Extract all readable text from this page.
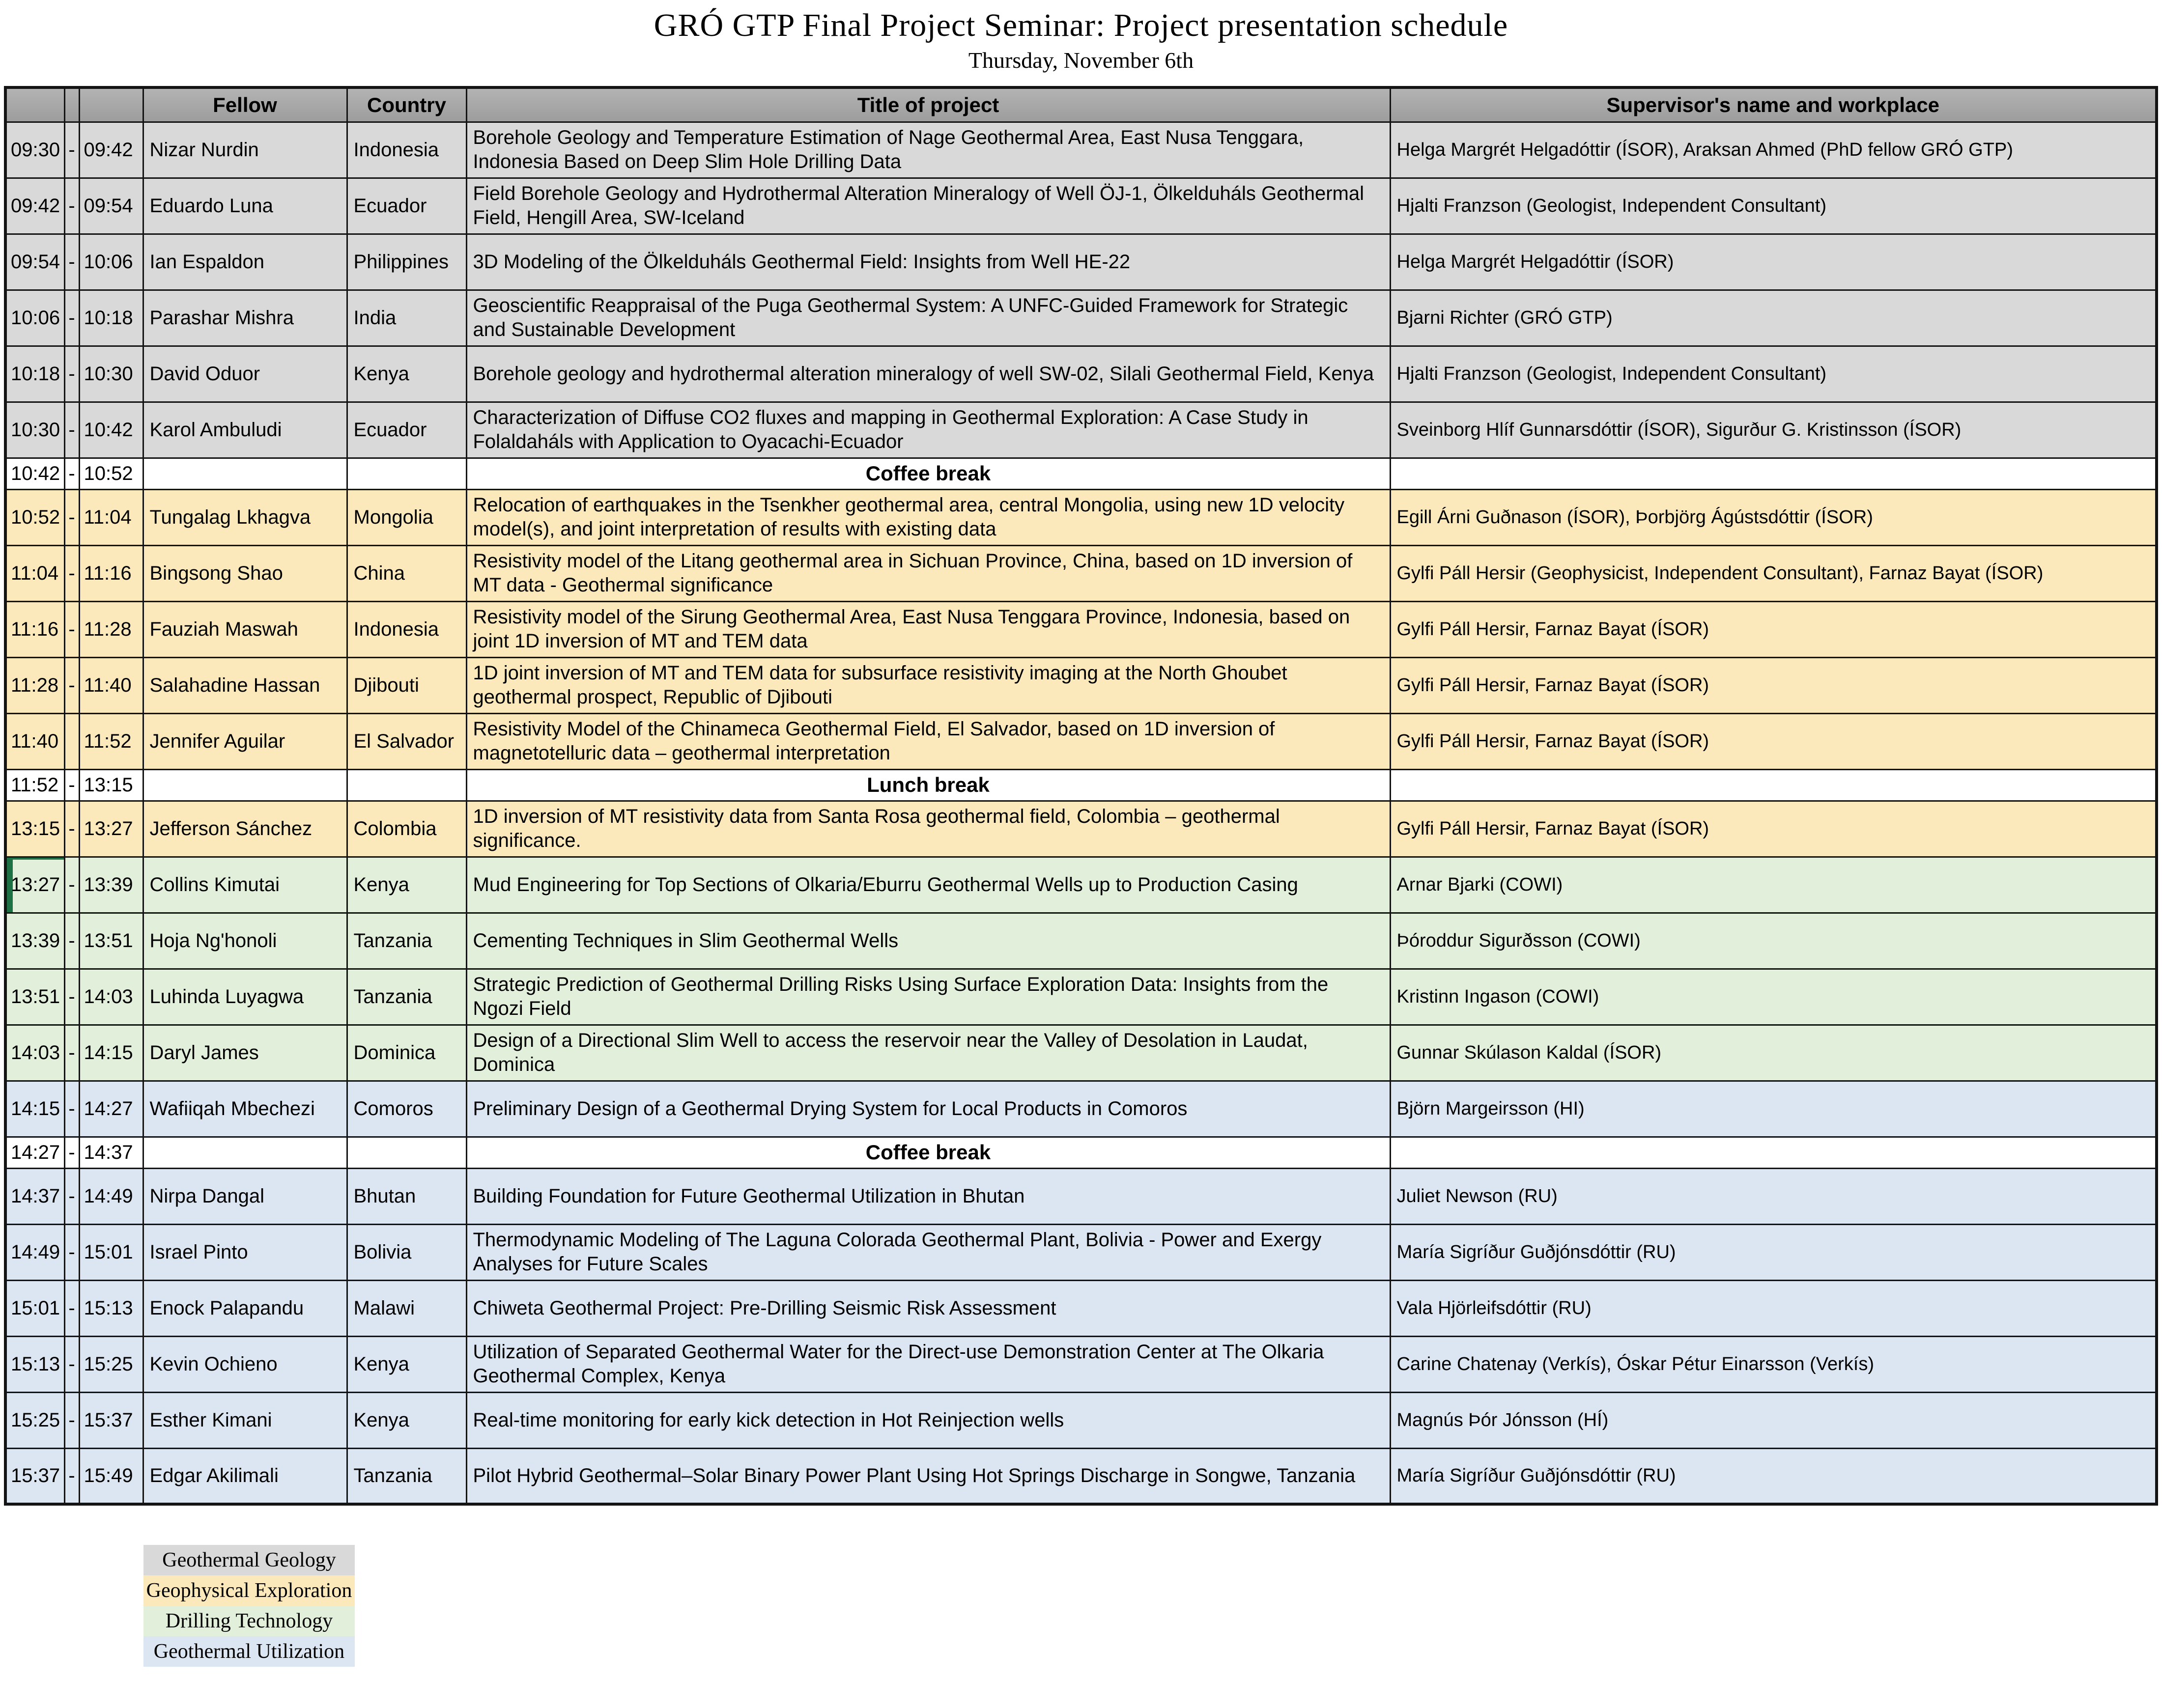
GRÓ GTP Final Project Seminar: Project presentation schedule
Thursday, November 6th
			Fellow	Country	Title of project	Supervisor's name and workplace
09:30	-	09:42	Nizar Nurdin	Indonesia	Borehole Geology and Temperature Estimation of Nage Geothermal Area, East Nusa Tenggara, Indonesia Based on Deep Slim Hole Drilling Data	Helga Margrét Helgadóttir (ÍSOR), Araksan Ahmed (PhD fellow GRÓ GTP)
09:42	-	09:54	Eduardo Luna	Ecuador	Field Borehole Geology and Hydrothermal Alteration Mineralogy of Well ÖJ-1, Ölkelduháls Geothermal Field, Hengill Area, SW-Iceland	Hjalti Franzson (Geologist, Independent Consultant)
09:54	-	10:06	Ian Espaldon	Philippines	3D Modeling of the Ölkelduháls Geothermal Field: Insights from Well HE-22	Helga Margrét Helgadóttir (ÍSOR)
10:06	-	10:18	Parashar Mishra	India	Geoscientific Reappraisal of the Puga Geothermal System: A UNFC-Guided Framework for Strategic and Sustainable Development	Bjarni Richter (GRÓ GTP)
10:18	-	10:30	David Oduor	Kenya	Borehole geology and hydrothermal alteration mineralogy of well SW-02, Silali Geothermal Field, Kenya	Hjalti Franzson (Geologist, Independent Consultant)
10:30	-	10:42	Karol Ambuludi	Ecuador	Characterization of Diffuse CO2 fluxes and mapping in Geothermal Exploration: A Case Study in Folaldaháls with Application to Oyacachi-Ecuador	Sveinborg Hlíf Gunnarsdóttir (ÍSOR), Sigurður G. Kristinsson (ÍSOR)
10:42	-	10:52			Coffee break	
10:52	-	11:04	Tungalag Lkhagva	Mongolia	Relocation of earthquakes in the Tsenkher geothermal area, central Mongolia, using new 1D velocity model(s), and joint interpretation of results with existing data	Egill Árni Guðnason (ÍSOR), Þorbjörg Ágústsdóttir (ÍSOR)
11:04	-	11:16	Bingsong Shao	China	Resistivity model of the Litang geothermal area in Sichuan Province, China, based on 1D inversion of MT data - Geothermal significance	Gylfi Páll Hersir (Geophysicist, Independent Consultant), Farnaz Bayat (ÍSOR)
11:16	-	11:28	Fauziah Maswah	Indonesia	Resistivity model of the Sirung Geothermal Area, East Nusa Tenggara Province, Indonesia, based on joint 1D inversion of MT and TEM data	Gylfi Páll Hersir, Farnaz Bayat (ÍSOR)
11:28	-	11:40	Salahadine Hassan	Djibouti	1D joint inversion of MT and TEM data for subsurface resistivity imaging at the North Ghoubet geothermal prospect, Republic of Djibouti	Gylfi Páll Hersir, Farnaz Bayat (ÍSOR)
11:40		11:52	Jennifer Aguilar	El Salvador	Resistivity Model of the Chinameca Geothermal Field, El Salvador, based on 1D inversion of magnetotelluric data – geothermal interpretation	Gylfi Páll Hersir, Farnaz Bayat (ÍSOR)
11:52	-	13:15			Lunch break	
13:15	-	13:27	Jefferson Sánchez	Colombia	1D inversion of MT resistivity data from Santa Rosa geothermal field, Colombia – geothermal significance.	Gylfi Páll Hersir, Farnaz Bayat (ÍSOR)
13:27	-	13:39	Collins Kimutai	Kenya	Mud Engineering for Top Sections of Olkaria/Eburru Geothermal Wells up to Production Casing	Arnar Bjarki (COWI)
13:39	-	13:51	Hoja Ng'honoli	Tanzania	Cementing Techniques in Slim Geothermal Wells	Þóroddur Sigurðsson (COWI)
13:51	-	14:03	Luhinda Luyagwa	Tanzania	Strategic Prediction of Geothermal Drilling Risks Using Surface Exploration Data: Insights from the Ngozi Field	Kristinn Ingason (COWI)
14:03	-	14:15	Daryl James	Dominica	Design of a Directional Slim Well to access the reservoir near the Valley of Desolation in Laudat, Dominica	Gunnar Skúlason Kaldal (ÍSOR)
14:15	-	14:27	Wafiiqah Mbechezi	Comoros	Preliminary Design of a Geothermal Drying System for Local Products in Comoros	Björn Margeirsson (HI)
14:27	-	14:37			Coffee break	
14:37	-	14:49	Nirpa Dangal	Bhutan	Building Foundation for Future Geothermal Utilization in Bhutan	Juliet Newson (RU)
14:49	-	15:01	Israel Pinto	Bolivia	Thermodynamic Modeling of The Laguna Colorada Geothermal Plant, Bolivia - Power and Exergy Analyses for Future Scales	María Sigríður Guðjónsdóttir (RU)
15:01	-	15:13	Enock Palapandu	Malawi	Chiweta Geothermal Project: Pre-Drilling Seismic Risk Assessment	Vala Hjörleifsdóttir (RU)
15:13	-	15:25	Kevin Ochieno	Kenya	Utilization of Separated Geothermal Water for the Direct-use Demonstration Center at The Olkaria Geothermal Complex, Kenya	Carine Chatenay (Verkís), Óskar Pétur Einarsson (Verkís)
15:25	-	15:37	Esther Kimani	Kenya	Real-time monitoring for early kick detection in Hot Reinjection wells	Magnús Þór Jónsson (HÍ)
15:37	-	15:49	Edgar Akilimali	Tanzania	Pilot Hybrid Geothermal–Solar Binary Power Plant Using Hot Springs Discharge in Songwe, Tanzania	María Sigríður Guðjónsdóttir (RU)
Geothermal Geology
Geophysical Exploration
Drilling Technology
Geothermal Utilization
